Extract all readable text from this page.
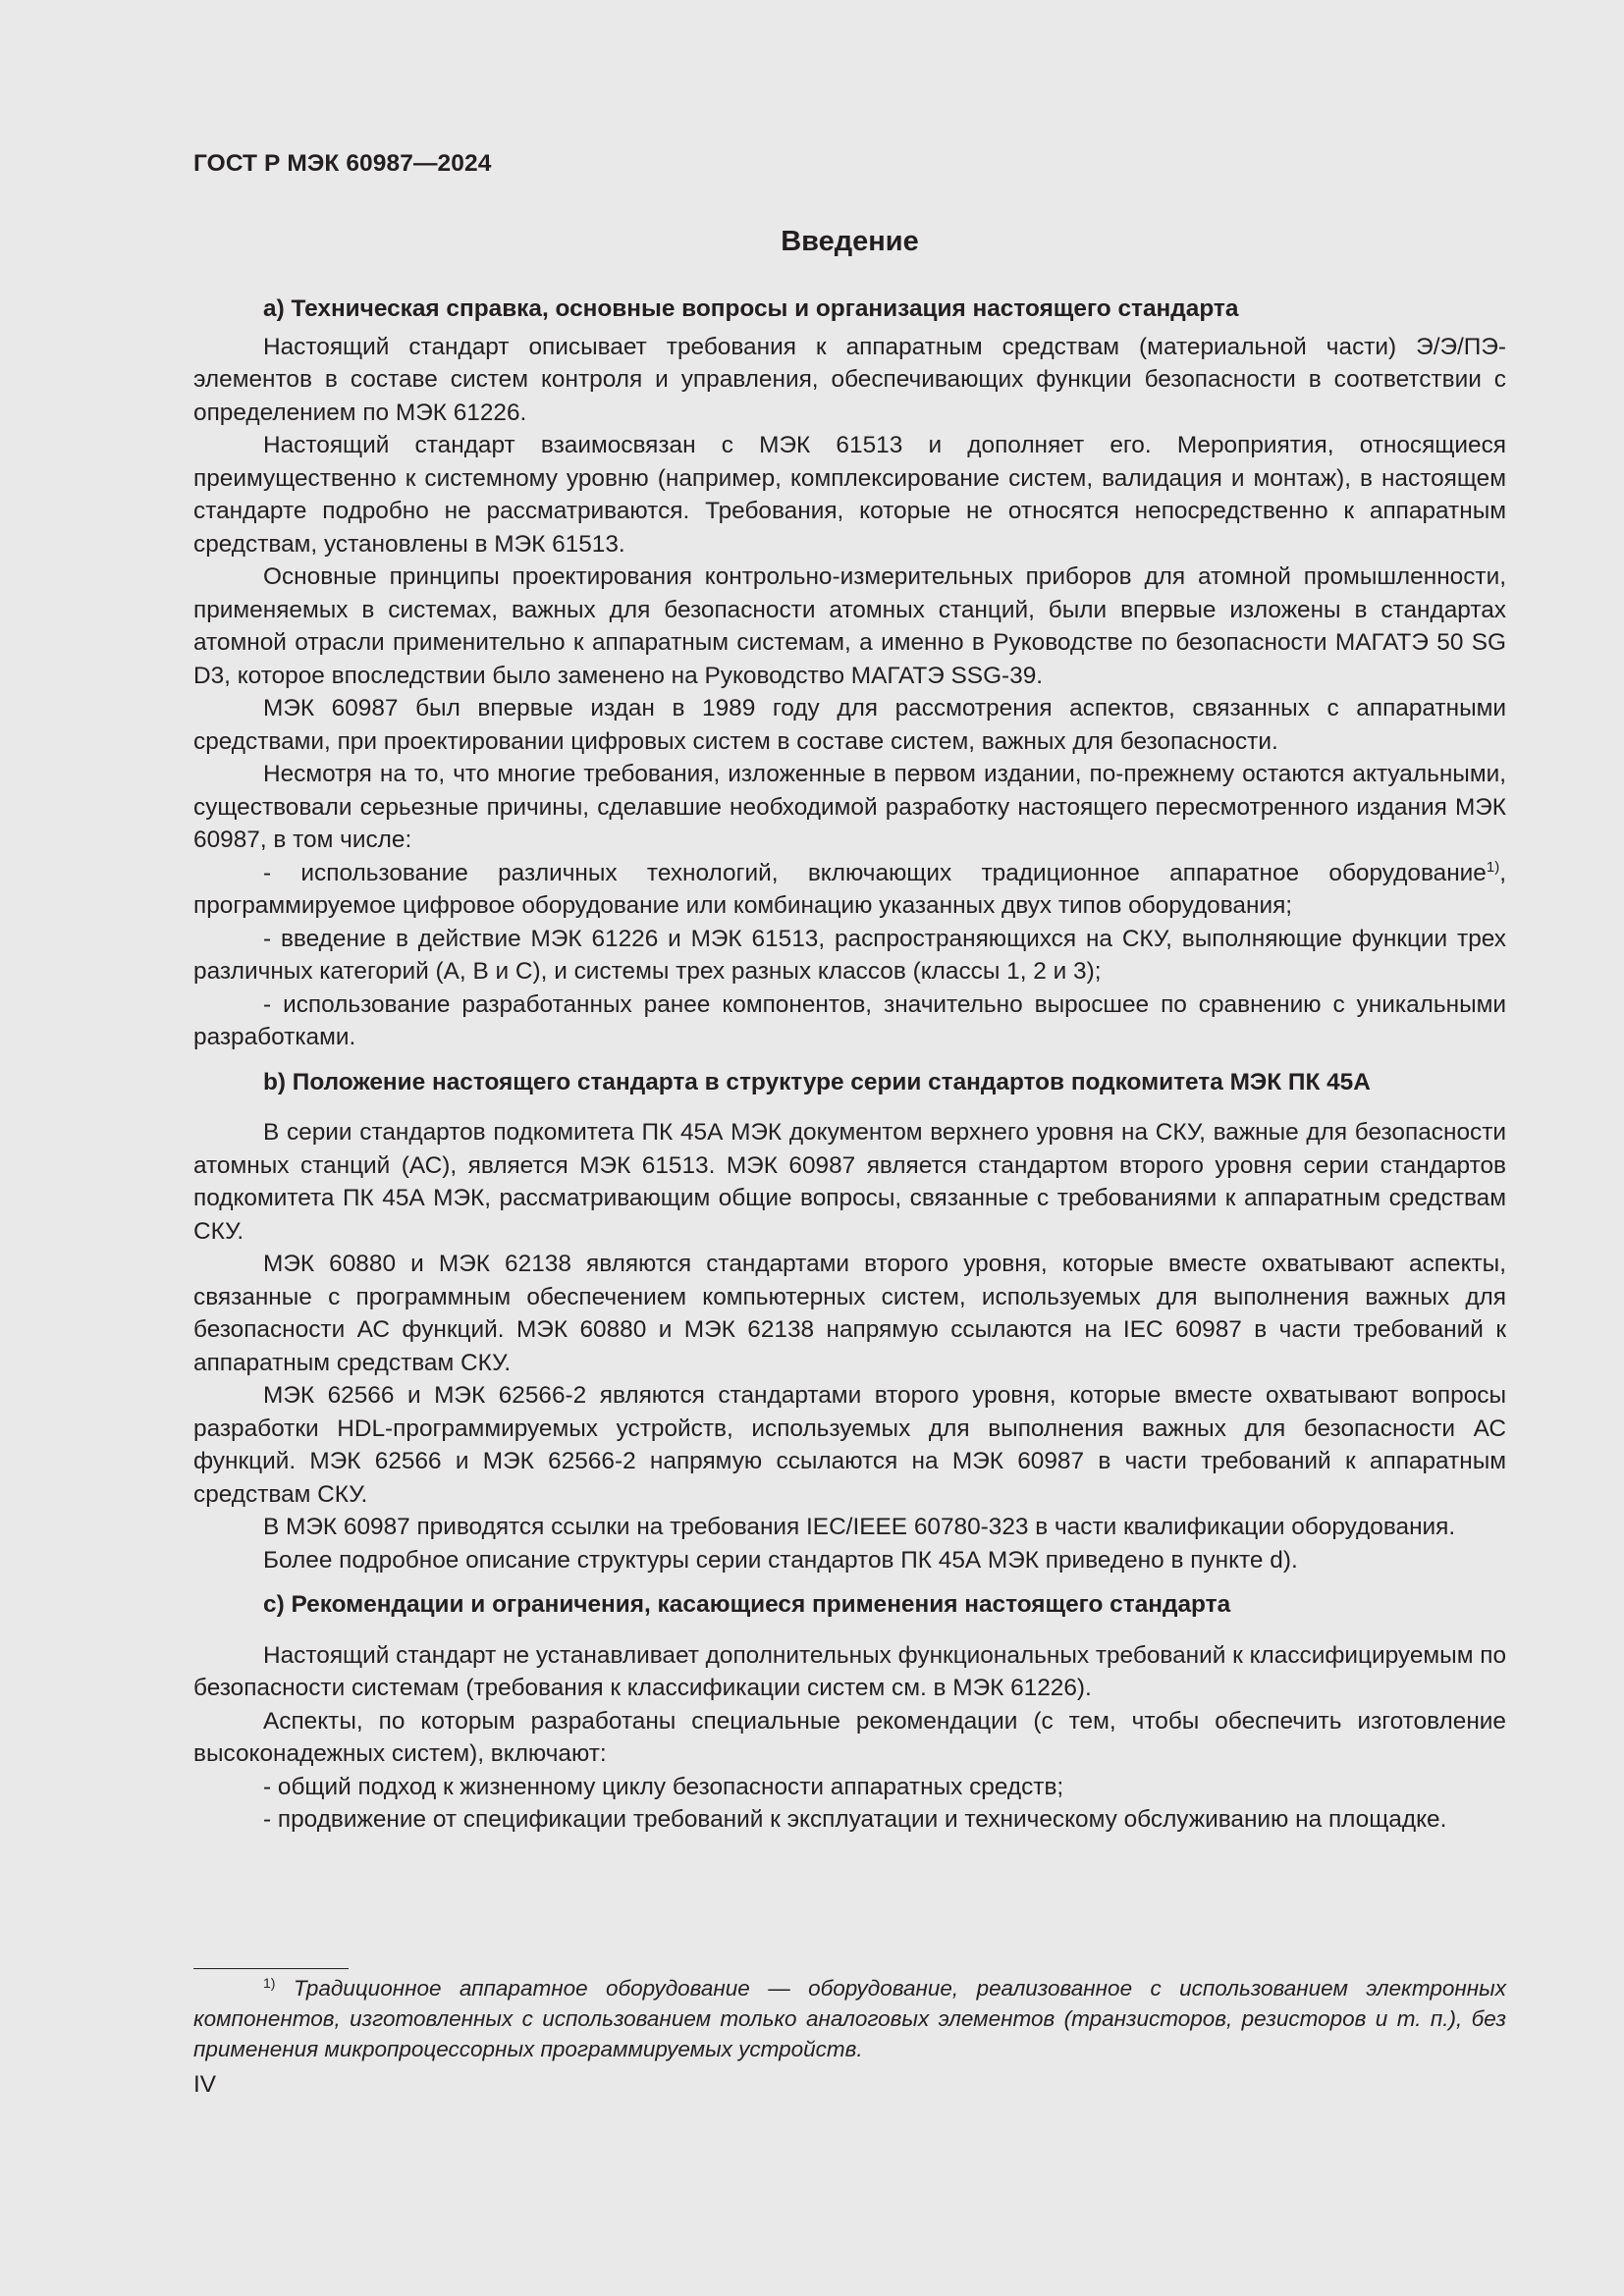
ГОСТ Р МЭК 60987—2024
Введение

a) Техническая справка, основные вопросы и организация настоящего стандарта

Настоящий стандарт описывает требования к аппаратным средствам (материальной части) Э/Э/ПЭ-элементов в составе систем контроля и управления, обеспечивающих функции безопасности в соответствии с определением по МЭК 61226.

Настоящий стандарт взаимосвязан с МЭК 61513 и дополняет его. Мероприятия, относящиеся преимущественно к системному уровню (например, комплексирование систем, валидация и монтаж), в настоящем стандарте подробно не рассматриваются. Требования, которые не относятся непосредственно к аппаратным средствам, установлены в МЭК 61513.

Основные принципы проектирования контрольно-измерительных приборов для атомной промышленности, применяемых в системах, важных для безопасности атомных станций, были впервые изложены в стандартах атомной отрасли применительно к аппаратным системам, а именно в Руководстве по безопасности МАГАТЭ 50 SG D3, которое впоследствии было заменено на Руководство МАГАТЭ SSG-39.

МЭК 60987 был впервые издан в 1989 году для рассмотрения аспектов, связанных с аппаратными средствами, при проектировании цифровых систем в составе систем, важных для безопасности.

Несмотря на то, что многие требования, изложенные в первом издании, по-прежнему остаются актуальными, существовали серьезные причины, сделавшие необходимой разработку настоящего пересмотренного издания МЭК 60987, в том числе:

- использование различных технологий, включающих традиционное аппаратное оборудование$^{1)}$, программируемое цифровое оборудование или комбинацию указанных двух типов оборудования;

- введение в действие МЭК 61226 и МЭК 61513, распространяющихся на СКУ, выполняющие функции трех различных категорий (А, В и С), и системы трех разных классов (классы 1, 2 и 3);

- использование разработанных ранее компонентов, значительно выросшее по сравнению с уникальными разработками.

b) Положение настоящего стандарта в структуре серии стандартов подкомитета МЭК ПК 45А

В серии стандартов подкомитета ПК 45А МЭК документом верхнего уровня на СКУ, важные для безопасности атомных станций (АС), является МЭК 61513. МЭК 60987 является стандартом второго уровня серии стандартов подкомитета ПК 45А МЭК, рассматривающим общие вопросы, связанные с требованиями к аппаратным средствам СКУ.

МЭК 60880 и МЭК 62138 являются стандартами второго уровня, которые вместе охватывают аспекты, связанные с программным обеспечением компьютерных систем, используемых для выполнения важных для безопасности АС функций. МЭК 60880 и МЭК 62138 напрямую ссылаются на IEC 60987 в части требований к аппаратным средствам СКУ.

МЭК 62566 и МЭК 62566-2 являются стандартами второго уровня, которые вместе охватывают вопросы разработки HDL-программируемых устройств, используемых для выполнения важных для безопасности АС функций. МЭК 62566 и МЭК 62566-2 напрямую ссылаются на МЭК 60987 в части требований к аппаратным средствам СКУ.

В МЭК 60987 приводятся ссылки на требования IEC/IEEE 60780-323 в части квалификации оборудования.

Более подробное описание структуры серии стандартов ПК 45А МЭК приведено в пункте d).

c) Рекомендации и ограничения, касающиеся применения настоящего стандарта

Настоящий стандарт не устанавливает дополнительных функциональных требований к классифицируемым по безопасности системам (требования к классификации систем см. в МЭК 61226).

Аспекты, по которым разработаны специальные рекомендации (с тем, чтобы обеспечить изготовление высоконадежных систем), включают:

- общий подход к жизненному циклу безопасности аппаратных средств;

- продвижение от спецификации требований к эксплуатации и техническому обслуживанию на площадке.

$^{1)}$ Традиционное аппаратное оборудование — оборудование, реализованное с использованием электронных компонентов, изготовленных с использованием только аналоговых элементов (транзисторов, резисторов и т. п.), без применения микропроцессорных программируемых устройств.

IV
